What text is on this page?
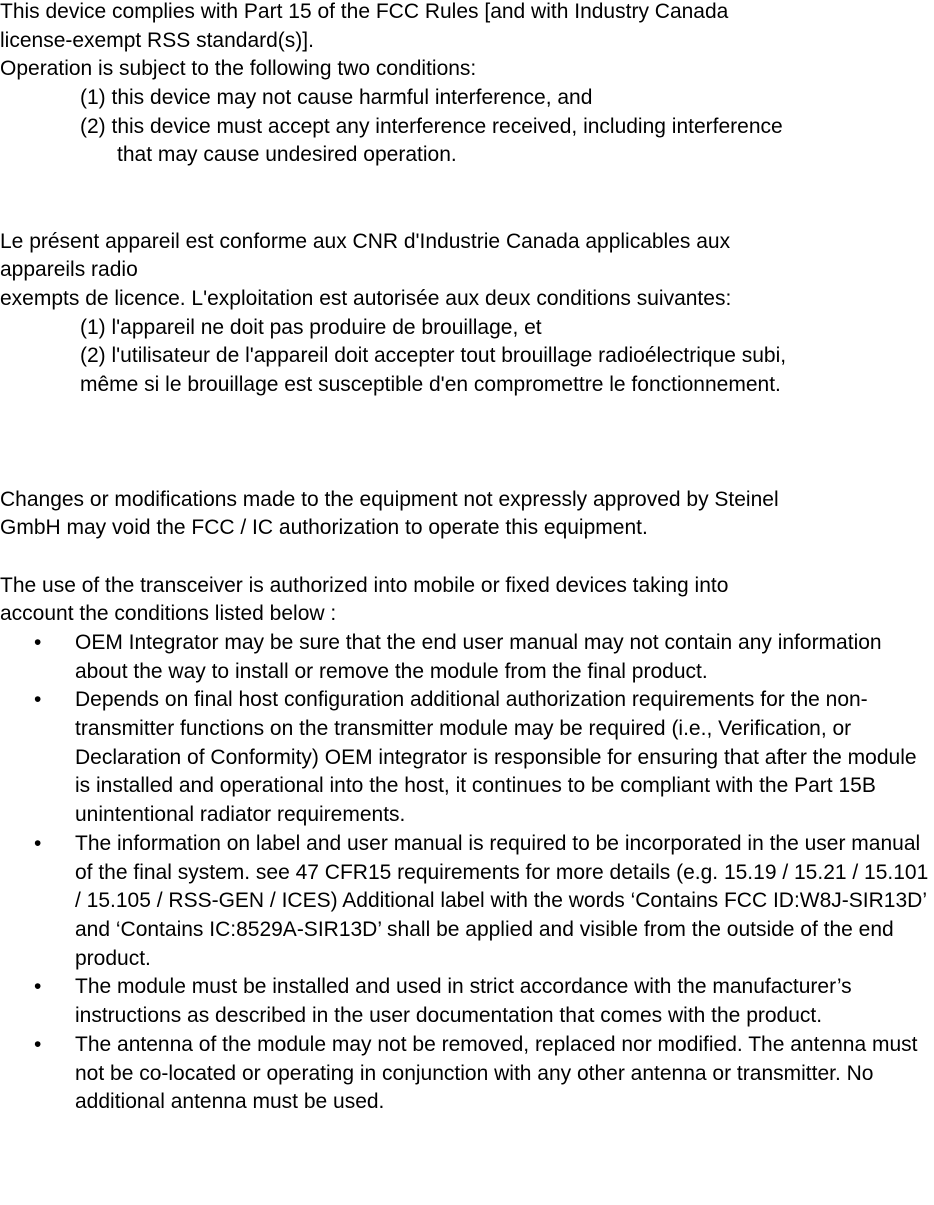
This device complies with Part 15 of the FCC Rules [and with Industry Canada
license-exempt RSS standard(s)].
Operation is subject to the following two conditions:
(1) this device may not cause harmful interference, and
(2) this device must accept any interference received, including interference
that may cause undesired operation.
Le présent appareil est conforme aux CNR d'Industrie Canada applicables aux
appareils radio
exempts de licence. L'exploitation est autorisée aux deux conditions suivantes:
(1) l'appareil ne doit pas produire de brouillage, et
(2) l'utilisateur de l'appareil doit accepter tout brouillage radioélectrique subi,
même si le brouillage est susceptible d'en compromettre le fonctionnement.
Changes or modifications made to the equipment not expressly approved by Steinel
GmbH may void the FCC / IC authorization to operate this equipment.
The use of the transceiver is authorized into mobile or fixed devices taking into
account the conditions listed below :
• OEM Integrator may be sure that the end user manual may not contain any information about the way to install or remove the module from the final product.
• Depends on final host configuration additional authorization requirements for the non-transmitter functions on the transmitter module may be required (i.e., Verification, or Declaration of Conformity) OEM integrator is responsible for ensuring that after the module is installed and operational into the host, it continues to be compliant with the Part 15B unintentional radiator requirements.
• The information on label and user manual is required to be incorporated in the user manual of the final system. see 47 CFR15 requirements for more details (e.g. 15.19 / 15.21 / 15.101 / 15.105 / RSS-GEN / ICES) Additional label with the words ‘Contains FCC ID:W8J-SIR13D’ and ‘Contains IC:8529A-SIR13D’ shall be applied and visible from the outside of the end product.
• The module must be installed and used in strict accordance with the manufacturer’s instructions as described in the user documentation that comes with the product.
• The antenna of the module may not be removed, replaced nor modified. The antenna must not be co-located or operating in conjunction with any other antenna or transmitter. No additional antenna must be used.
